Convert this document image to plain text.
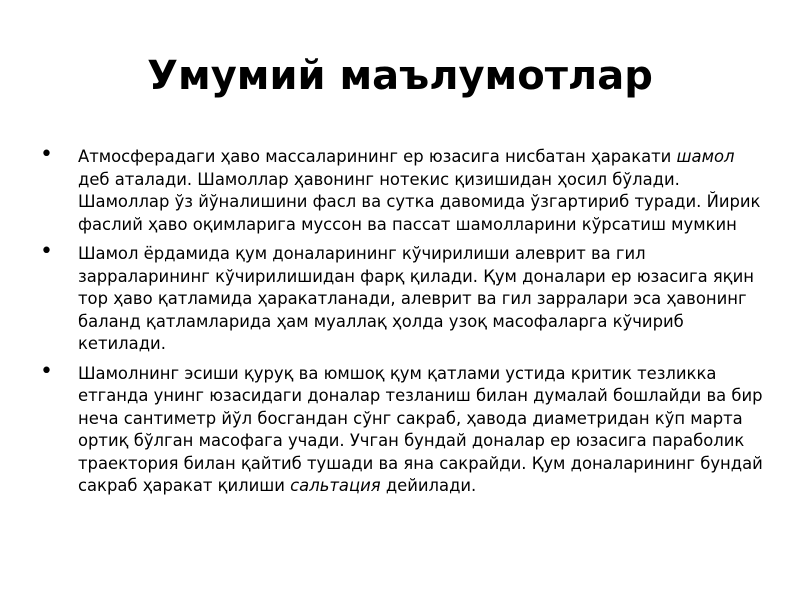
Умумий маълумотлар
• Атмосферадаги ҳаво массаларининг ер юзасига нисбатан ҳаракати шамол деб аталади. Шамоллар ҳавонинг нотекис қизишидан ҳосил бўлади. Шамоллар ўз йўналишини фасл ва сутка давомида ўзгартириб туради. Йирик фаслий ҳаво оқимларига муссон ва пассат шамолларини кўрсатиш мумкин
• Шамол ёрдамида қум доналарининг кўчирилиши алеврит ва гил зарраларининг кўчирилишидан фарқ қилади. Қум доналари ер юзасига яқин тор ҳаво қатламида ҳаракатланади, алеврит ва гил зарралари эса ҳавонинг баланд қатламларида ҳам муаллақ ҳолда узоқ масофаларга кўчириб кетилади.
• Шамолнинг эсиши қуруқ ва юмшоқ қум қатлами устида критик тезликка етганда унинг юзасидаги доналар тезланиш билан думалай бошлайди ва бир неча сантиметр йўл босгандан сўнг сакраб, ҳавода диаметридан кўп марта ортиқ бўлган масофага учади. Учган бундай доналар ер юзасига параболик траектория билан қайтиб тушади ва яна сакрайди. Қум доналарининг бундай сакраб ҳаракат қилиши сальтация дейилади.
